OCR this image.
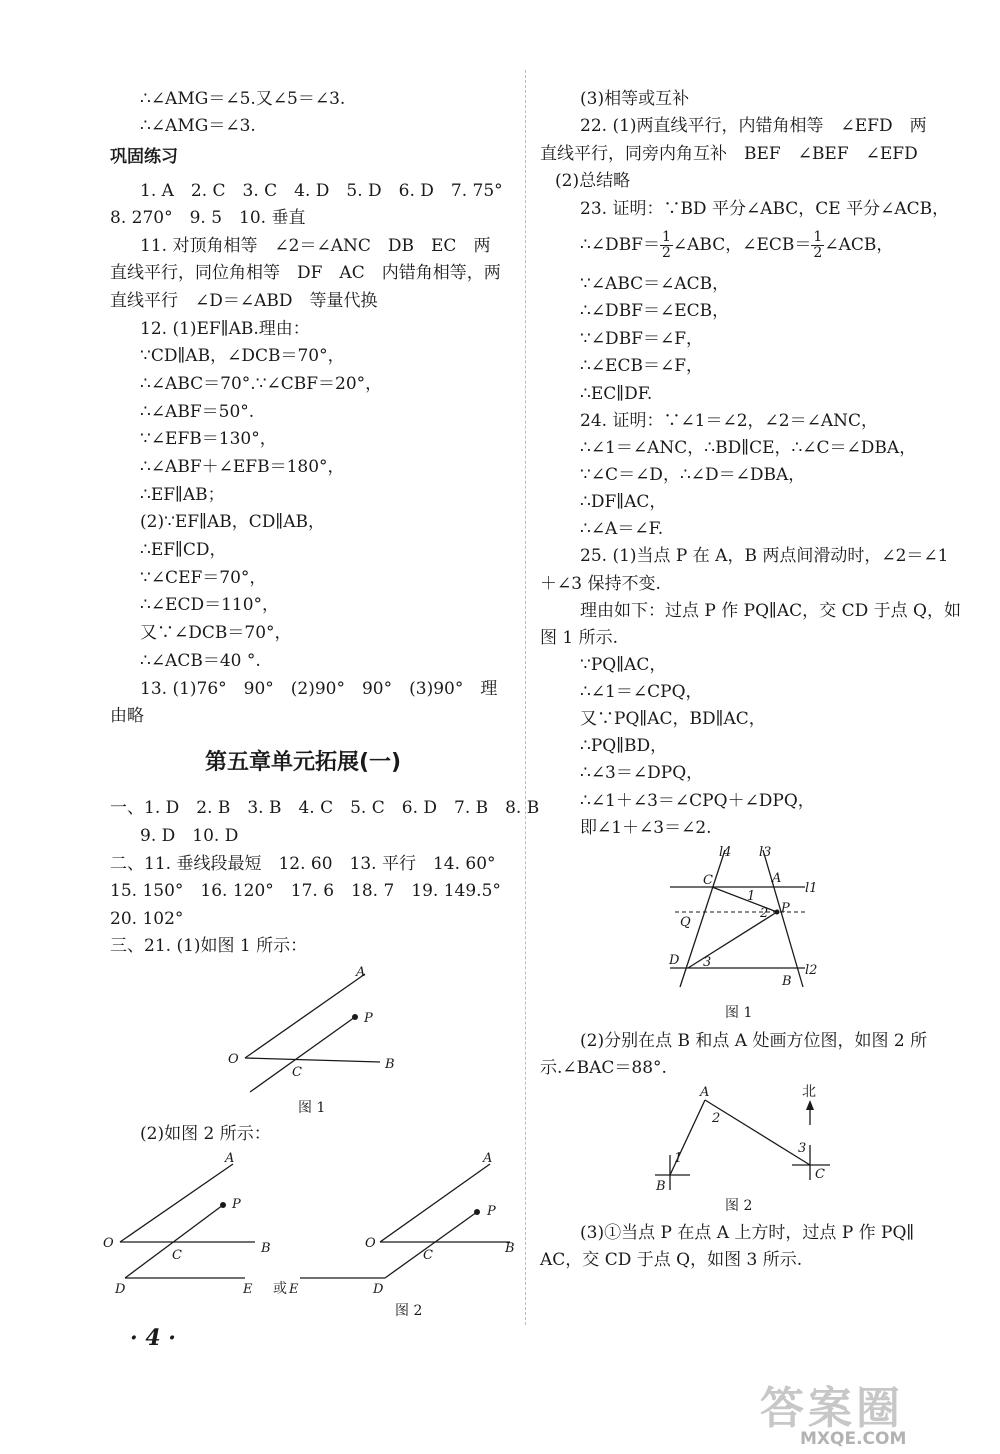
∴∠AMG＝∠5.又∠5＝∠3.
∴∠AMG＝∠3.
巩固练习
1. A　2. C　3. C　4. D　5. D　6. D　7. 75°
8. 270°　9. 5　10. 垂直
11. 对顶角相等　∠2＝∠ANC　DB　EC　两
直线平行，同位角相等　DF　AC　内错角相等，两
直线平行　∠D＝∠ABD　等量代换
12. (1)EF∥AB.理由：
∵CD∥AB，∠DCB＝70°，
∴∠ABC＝70°.∵∠CBF＝20°，
∴∠ABF＝50°.
∵∠EFB＝130°，
∴∠ABF＋∠EFB＝180°，
∴EF∥AB；
(2)∵EF∥AB，CD∥AB，
∴EF∥CD，
∵∠CEF＝70°，
∴∠ECD＝110°，
又∵∠DCB＝70°，
∴∠ACB＝40 °.
13. (1)76°　90°　(2)90°　90°　(3)90°　理
由略
第五章单元拓展(一)
一、1. D　2. B　3. B　4. C　5. C　6. D　7. B　8. B
9. D　10. D
二、11. 垂线段最短　12. 60　13. 平行　14. 60°
15. 150°　16. 120°　17. 6　18. 7　19. 149.5°
20. 102°
三、21. (1)如图 1 所示：
A
P
O
C
B
图 1
(2)如图 2 所示：
A
P
O
C	B
D	E 或
A
P
O
C	B
E	D
图 2
(3)相等或互补
22. (1)两直线平行，内错角相等　∠EFD　两
直线平行，同旁内角互补　BEF　∠BEF　∠EFD
(2)总结略
23. 证明：∵BD 平分∠ABC，CE 平分∠ACB，
∴∠DBF＝ $\frac{1}{2}$ ∠ABC，∠ECB＝ $\frac{1}{2}$ ∠ACB，
∵∠ABC＝∠ACB，
∴∠DBF＝∠ECB，
∵∠DBF＝∠F，
∴∠ECB＝∠F，
∴EC∥DF.
24. 证明：∵∠1＝∠2，∠2＝∠ANC，
∴∠1＝∠ANC，∴BD∥CE，∴∠C＝∠DBA，
∵∠C＝∠D，∴∠D＝∠DBA，
∴DF∥AC，
∴∠A＝∠F.
25. (1)当点 P 在 A，B 两点间滑动时，∠2＝∠1
＋∠3 保持不变.
理由如下：过点 P 作 PQ∥AC，交 CD 于点 Q，如
图 1 所示.
∵PQ∥AC，
∴∠1＝∠CPQ，
又∵PQ∥AC，BD∥AC，
∴PQ∥BD，
∴∠3＝∠DPQ，
∴∠1＋∠3＝∠CPQ＋∠DPQ，
即∠1＋∠3＝∠2.
l4 l3
C	A
l1
1
2 P
Q
D 3
B
l2
图 1
(2)分别在点 B 和点 A 处画方位图，如图 2 所
示.∠BAC＝88°.
A
2
北
1
3
B
C
图 2
(3)①当点 P 在点 A 上方时，过点 P 作 PQ∥
AC，交 CD 于点 Q，如图 3 所示.
· 4 ·
答案圈
MXQE.COM
